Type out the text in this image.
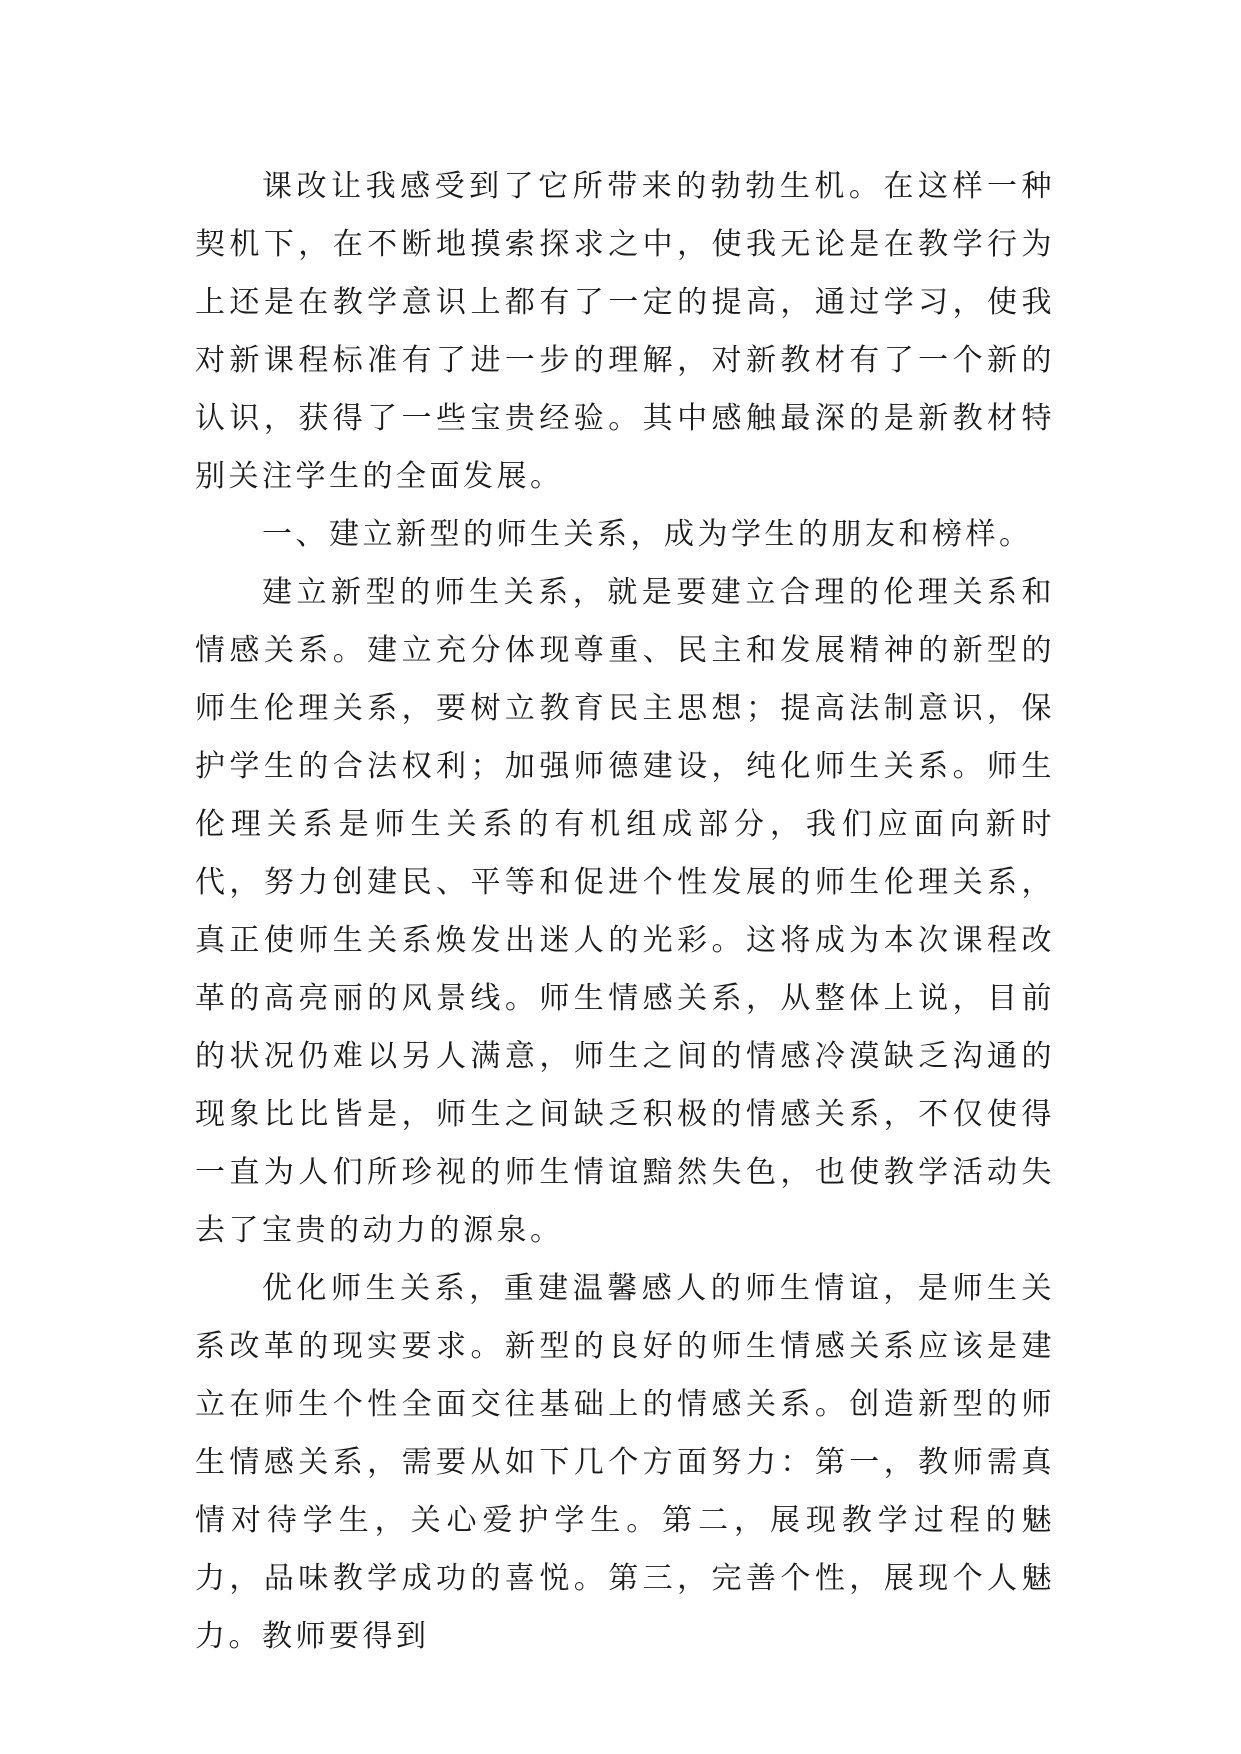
课改让我感受到了它所带来的勃勃生机。在这样一种契机下，在不断地摸索探求之中，使我无论是在教学行为上还是在教学意识上都有了一定的提高，通过学习，使我对新课程标准有了进一步的理解，对新教材有了一个新的认识，获得了一些宝贵经验。其中感触最深的是新教材特别关注学生的全面发展。

一、建立新型的师生关系，成为学生的朋友和榜样。

建立新型的师生关系，就是要建立合理的伦理关系和情感关系。建立充分体现尊重、民主和发展精神的新型的师生伦理关系，要树立教育民主思想；提高法制意识，保护学生的合法权利；加强师德建设，纯化师生关系。师生伦理关系是师生关系的有机组成部分，我们应面向新时代，努力创建民、平等和促进个性发展的师生伦理关系，真正使师生关系焕发出迷人的光彩。这将成为本次课程改革的高亮丽的风景线。师生情感关系，从整体上说，目前的状况仍难以另人满意，师生之间的情感冷漠缺乏沟通的现象比比皆是，师生之间缺乏积极的情感关系，不仅使得一直为人们所珍视的师生情谊黯然失色，也使教学活动失去了宝贵的动力的源泉。

优化师生关系，重建温馨感人的师生情谊，是师生关系改革的现实要求。新型的良好的师生情感关系应该是建立在师生个性全面交往基础上的情感关系。创造新型的师生情感关系，需要从如下几个方面努力：第一，教师需真情对待学生，关心爱护学生。第二，展现教学过程的魅力，品味教学成功的喜悦。第三，完善个性，展现个人魅力。教师要得到
